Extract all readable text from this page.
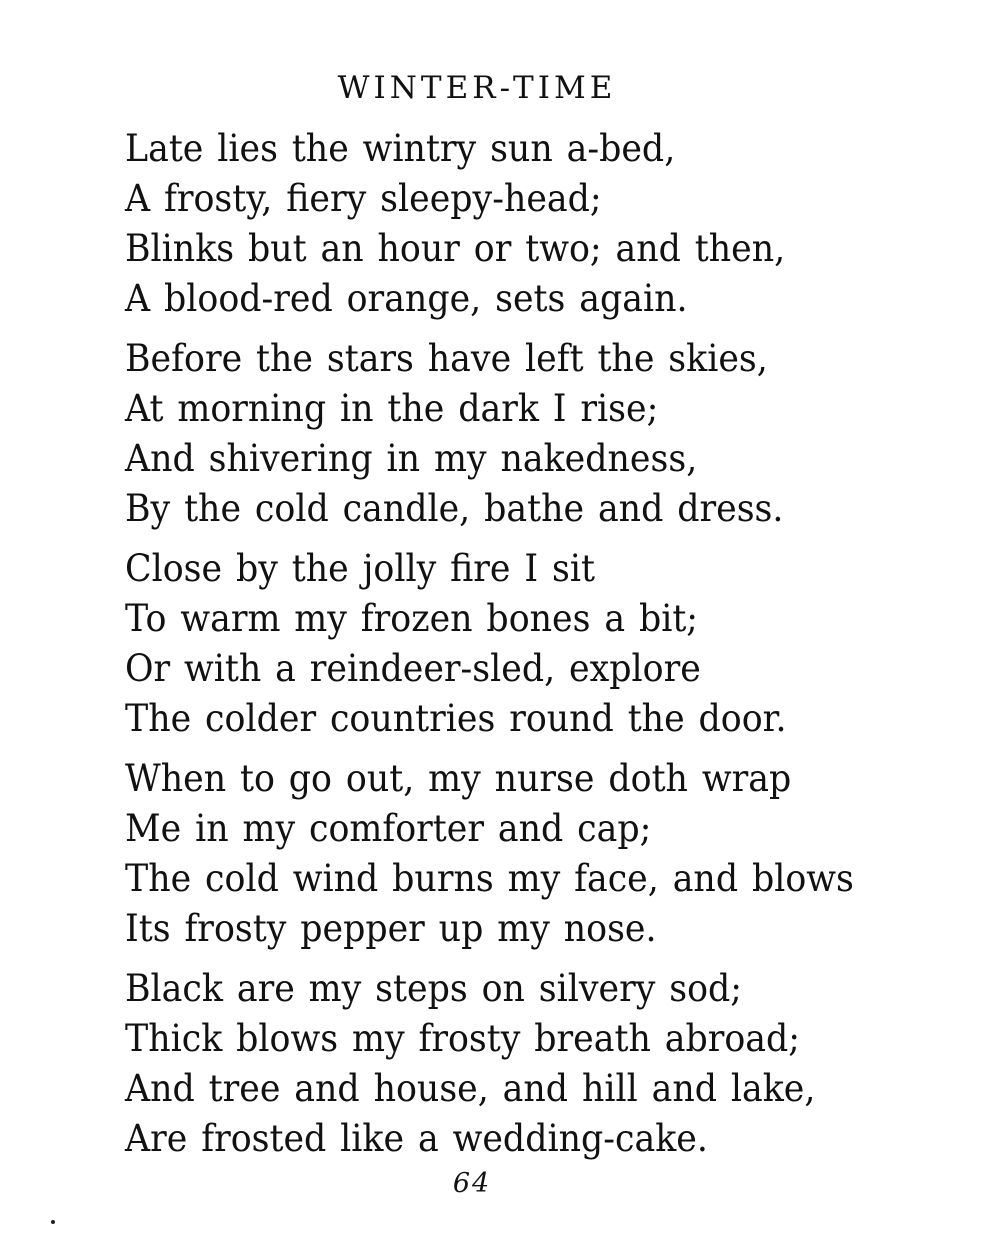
WINTER-TIME
Late lies the wintry sun a-bed,
A frosty, fiery sleepy-head;
Blinks but an hour or two; and then,
A blood-red orange, sets again.
Before the stars have left the skies,
At morning in the dark I rise;
And shivering in my nakedness,
By the cold candle, bathe and dress.
Close by the jolly fire I sit
To warm my frozen bones a bit;
Or with a reindeer-sled, explore
The colder countries round the door.
When to go out, my nurse doth wrap
Me in my comforter and cap;
The cold wind burns my face, and blows
Its frosty pepper up my nose.
Black are my steps on silvery sod;
Thick blows my frosty breath abroad;
And tree and house, and hill and lake,
Are frosted like a wedding-cake.
64
